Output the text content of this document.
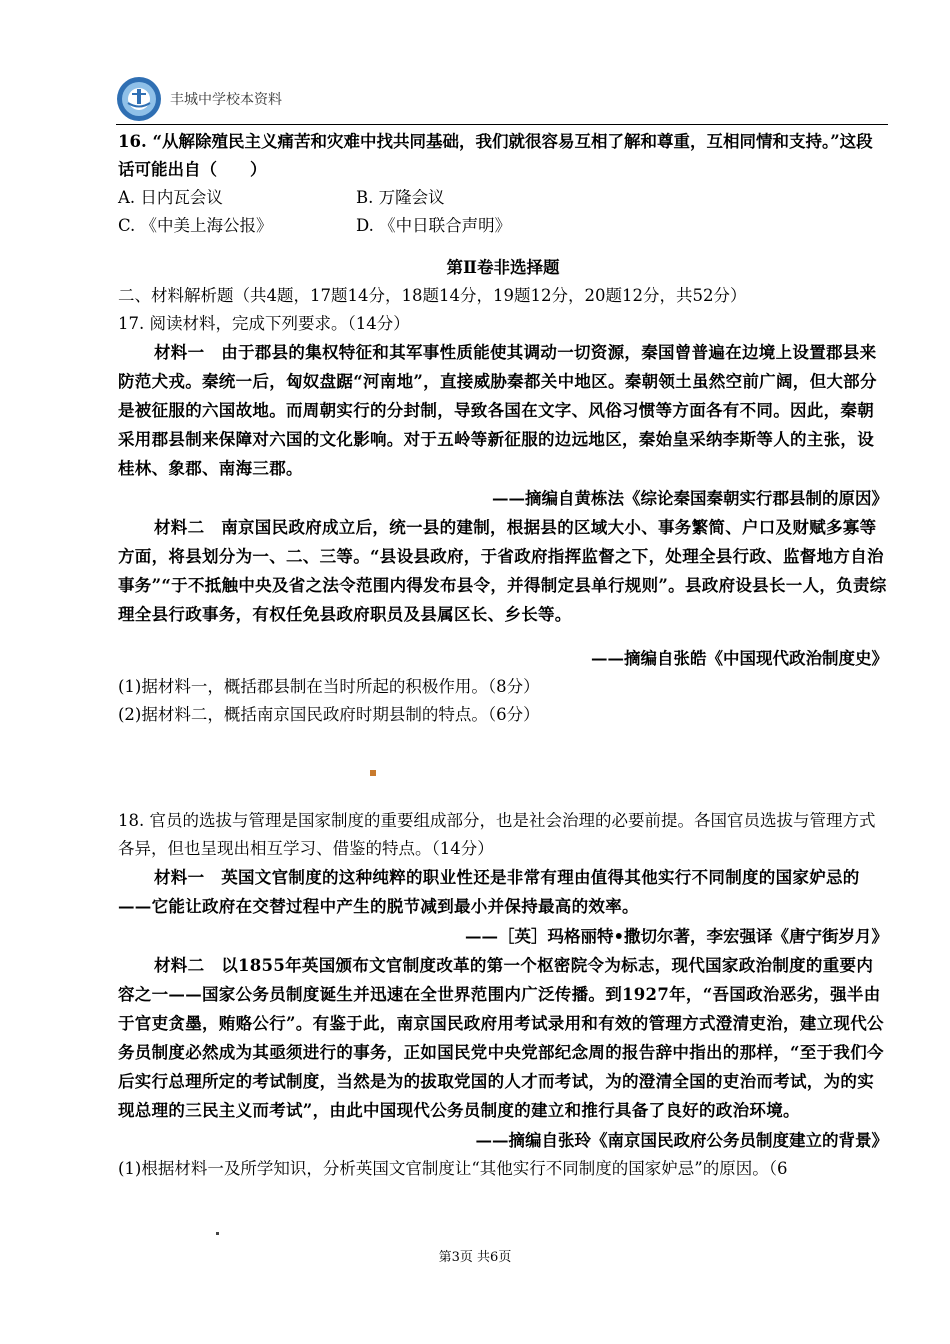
丰城中学校本资料

16. “从解除殖民主义痛苦和灾难中找共同基础，我们就很容易互相了解和尊重，互相同情和支持。”这段话可能出自（　　）

A. 日内瓦会议	B. 万隆会议
C. 《中美上海公报》	D. 《中日联合声明》
第Ⅱ卷非选择题

二、材料解析题（共4题，17题14分，18题14分，19题12分，20题12分，共52分）

17. 阅读材料，完成下列要求。（14分）

材料一　由于郡县的集权特征和其军事性质能使其调动一切资源，秦国曾普遍在边境上设置郡县来防范犬戎。秦统一后，匈奴盘踞“河南地”，直接威胁秦都关中地区。秦朝领土虽然空前广阔，但大部分是被征服的六国故地。而周朝实行的分封制，导致各国在文字、风俗习惯等方面各有不同。因此，秦朝采用郡县制来保障对六国的文化影响。对于五岭等新征服的边远地区，秦始皇采纳李斯等人的主张，设桂林、象郡、南海三郡。

——摘编自黄栋法《综论秦国秦朝实行郡县制的原因》

材料二　南京国民政府成立后，统一县的建制，根据县的区域大小、事务繁简、户口及财赋多寡等方面，将县划分为一、二、三等。“县设县政府，于省政府指挥监督之下，处理全县行政、监督地方自治事务”“于不抵触中央及省之法令范围内得发布县令，并得制定县单行规则”。县政府设县长一人，负责综理全县行政事务，有权任免县政府职员及县属区长、乡长等。

——摘编自张皓《中国现代政治制度史》

(1)据材料一，概括郡县制在当时所起的积极作用。（8分）

(2)据材料二，概括南京国民政府时期县制的特点。（6分）

18. 官员的选拔与管理是国家制度的重要组成部分，也是社会治理的必要前提。各国官员选拔与管理方式各异，但也呈现出相互学习、借鉴的特点。（14分）

材料一　英国文官制度的这种纯粹的职业性还是非常有理由值得其他实行不同制度的国家妒忌的——它能让政府在交替过程中产生的脱节减到最小并保持最高的效率。

——［英］玛格丽特•撒切尔著，李宏强译《唐宁街岁月》

材料二　以1855年英国颁布文官制度改革的第一个枢密院令为标志，现代国家政治制度的重要内容之一——国家公务员制度诞生并迅速在全世界范围内广泛传播。到1927年，“吾国政治恶劣，强半由于官吏贪墨，贿赂公行”。有鉴于此，南京国民政府用考试录用和有效的管理方式澄清吏治，建立现代公务员制度必然成为其亟须进行的事务，正如国民党中央党部纪念周的报告辞中指出的那样，“至于我们今后实行总理所定的考试制度，当然是为的拔取党国的人才而考试，为的澄清全国的吏治而考试，为的实现总理的三民主义而考试”，由此中国现代公务员制度的建立和推行具备了良好的政治环境。

——摘编自张玲《南京国民政府公务员制度建立的背景》

(1)根据材料一及所学知识，分析英国文官制度让“其他实行不同制度的国家妒忌”的原因。（6

第3页 共6页
